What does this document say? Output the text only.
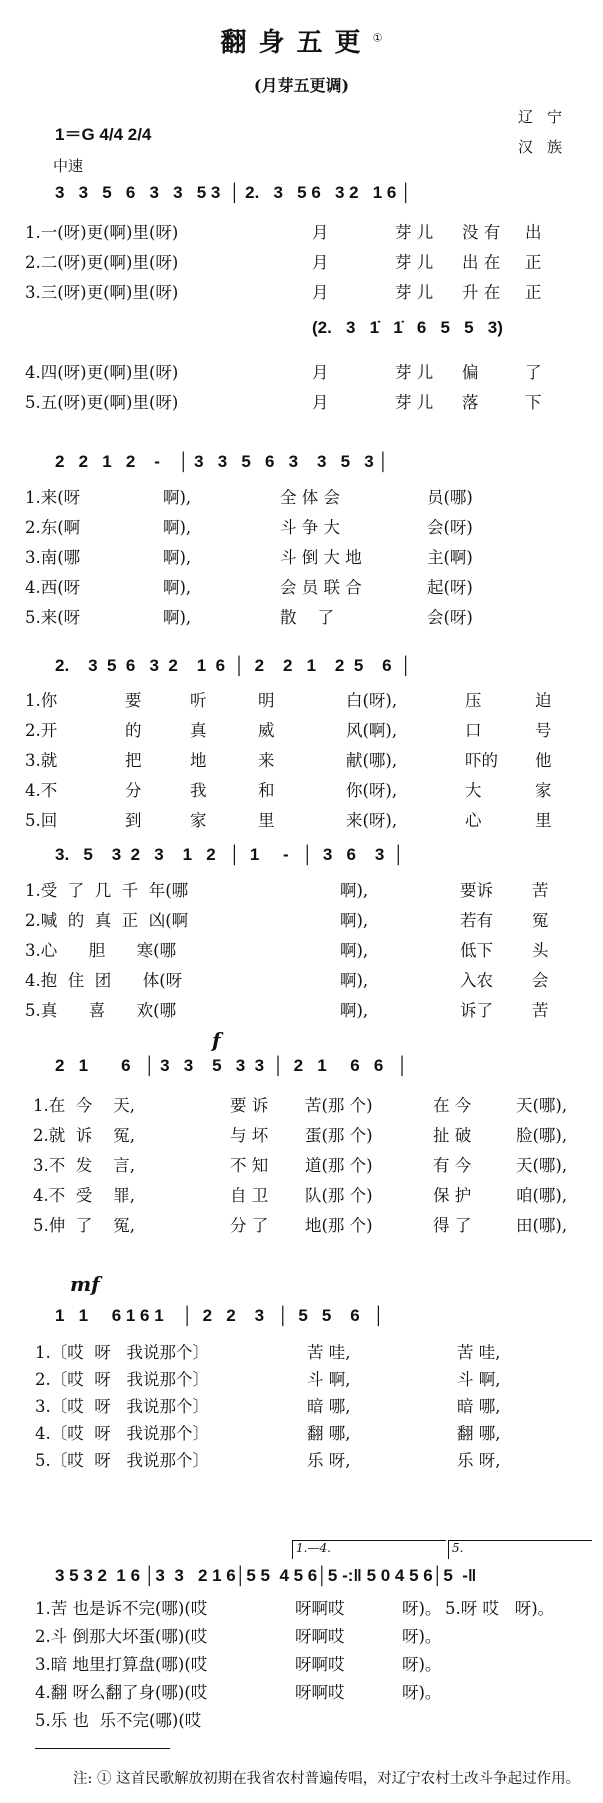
翻身五更①
(月芽五更调)
1＝G 4/4 2/4
中速
辽宁
汉族
3   3   5   6   3   3   5 3  │ 2.   3   5 6   3 2   1 6 │
1.一(呀)更(啊)里(呀)	月	芽 儿	没 有	出
2.二(呀)更(啊)里(呀)	月	芽 儿	出 在	正
3.三(呀)更(啊)里(呀)	月	芽 儿	升 在	正
(2.   3   1̇   1̇   6   5   5   3)
4.四(呀)更(啊)里(呀)	月	芽 儿	偏	了
5.五(呀)更(啊)里(呀)	月	芽 儿	落	下
2   2   1   2    -    │ 3   3   5   6   3    3   5   3 │
1.来(呀	啊),	全 体 会	员(哪)
2.东(啊	啊),	斗 争 大	会(呀)
3.南(哪	啊),	斗 倒 大 地	主(啊)
4.西(呀	啊),	会 员 联 合	起(呀)
5.来(呀	啊),	散    了	会(呀)
2.    3  5  6   3  2    1  6  │  2    2   1    2  5    6  │
1.你	要	听	明	白(呀),	压	迫
2.开	的	真	威	风(啊),	口	号
3.就	把	地	来	献(哪),	吓的	他
4.不	分	我	和	你(呀),	大	家
5.回	到	家	里	来(呀),	心	里
3.   5    3  2   3    1   2   │  1     -   │  3   6    3  │
1.受  了  几  千  年(哪	啊),	要诉	苦
2.喊  的  真  正  凶(啊	啊),	若有	冤
3.心      胆      寒(哪	啊),	低下	头
4.抱  住  团      体(呀	啊),	入农	会
5.真      喜      欢(哪	啊),	诉了	苦
f
2   1       6   │ 3   3    5   3  3  │  2   1     6   6   │
1.在  今    天,	要 诉	苦(那 个)	在 今	天(哪),
2.就  诉    冤,	与 坏	蛋(那 个)	扯 破	脸(哪),
3.不  发    言,	不 知	道(那 个)	有 今	天(哪),
4.不  受    罪,	自 卫	队(那 个)	保 护	咱(哪),
5.伸  了    冤,	分 了	地(那 个)	得 了	田(哪),
mf
1   1     6 1 6 1    │  2   2    3   │  5   5    6   │
1.〔哎  呀   我说那个〕	苦 哇,	苦 哇,
2.〔哎  呀   我说那个〕	斗 啊,	斗 啊,
3.〔哎  呀   我说那个〕	暗 哪,	暗 哪,
4.〔哎  呀   我说那个〕	翻 哪,	翻 哪,
5.〔哎  呀   我说那个〕	乐 呀,	乐 呀,
1.—4.	5.
3 5 3 2  1 6 │3  3   2 1 6│5 5  4 5 6│5 -:‖ 5 0 4 5 6│5  -‖
1.苦 也是诉不完(哪)(哎	呀啊哎	呀)。 5.呀 哎   呀)。
2.斗 倒那大坏蛋(哪)(哎	呀啊哎	呀)。
3.暗 地里打算盘(哪)(哎	呀啊哎	呀)。
4.翻 呀么翻了身(哪)(哎	呀啊哎	呀)。
5.乐 也  乐不完(哪)(哎
注: ① 这首民歌解放初期在我省农村普遍传唱，对辽宁农村土改斗争起过作用。
